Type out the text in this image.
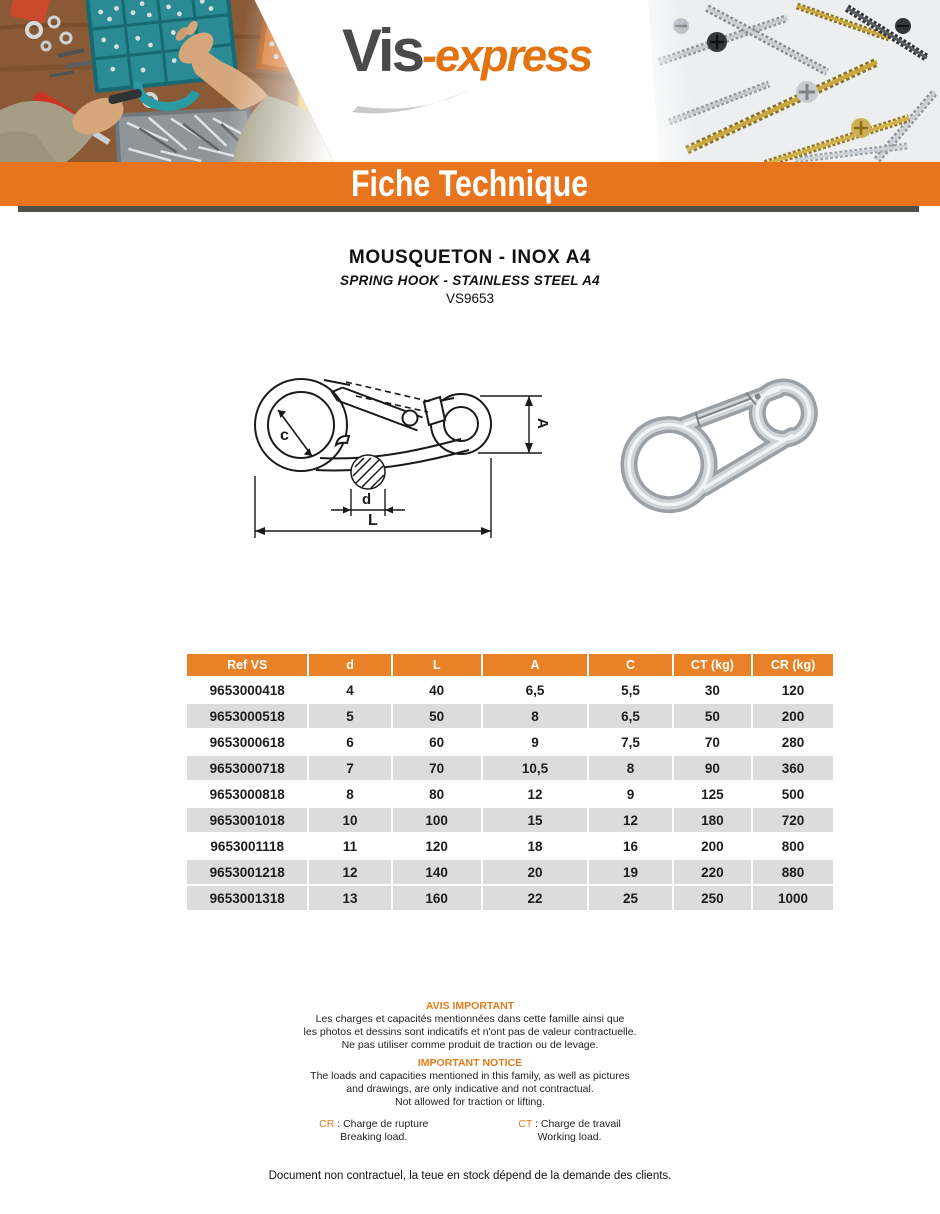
Vis -express
Fiche Technique
MOUSQUETON - INOX A4
SPRING HOOK - STAINLESS STEEL A4
VS9653
c
A
d
L
Ref VS	d	L	A	C	CT (kg)	CR (kg)
9653000418	4	40	6,5	5,5	30	120
9653000518	5	50	8	6,5	50	200
9653000618	6	60	9	7,5	70	280
9653000718	7	70	10,5	8	90	360
9653000818	8	80	12	9	125	500
9653001018	10	100	15	12	180	720
9653001118	11	120	18	16	200	800
9653001218	12	140	20	19	220	880
9653001318	13	160	22	25	250	1000
AVIS IMPORTANT
Les charges et capacités mentionnées dans cette famille ainsi que
les photos et dessins sont indicatifs et n'ont pas de valeur contractuelle.
Ne pas utiliser comme produit de traction ou de levage.
IMPORTANT NOTICE
The loads and capacities mentioned in this family, as well as pictures
and drawings, are only indicative and not contractual.
Not allowed for traction or lifting.
CR : Charge de rupture
Breaking load.
CT : Charge de travail
Working load.
Document non contractuel, la teue en stock dépend de la demande des clients.
